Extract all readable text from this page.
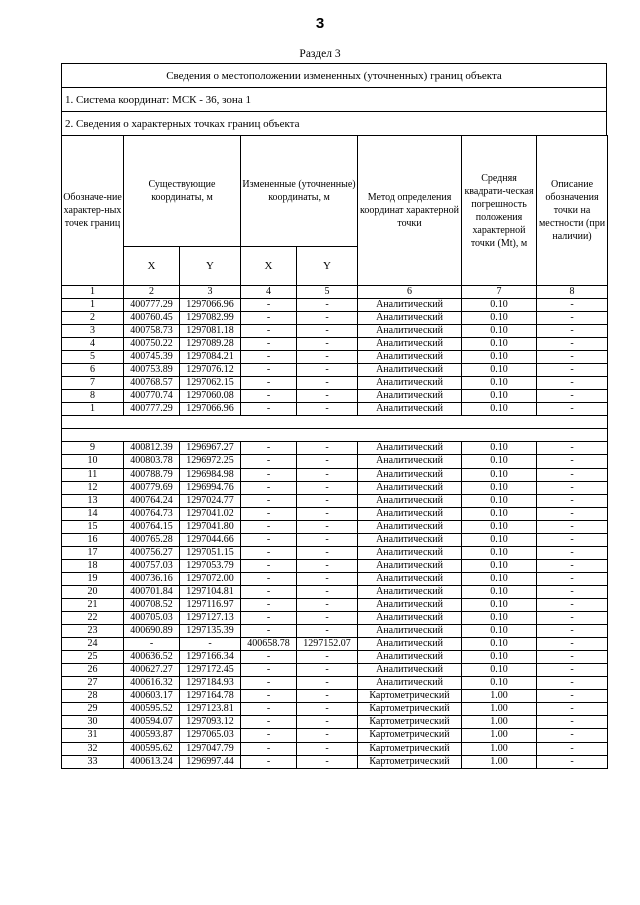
3
Раздел 3
Сведения о местоположении измененных (уточненных) границ объекта
1. Система координат: МСК - 36, зона 1
2. Сведения о характерных точках границ объекта
Обозначе-ние характер-ных точек границ	Существующие координаты, м		Измененные (уточненные) координаты, м		Метод определения координат характерной точки	Средняя квадрати-ческая погрешность положения характерной точки (Mt), м	Описание обозначения точки на местности (при наличии)
	X	Y	X	Y			
1	2	3	4	5	6	7	8
1	400777.29	1297066.96	-	-	Аналитический	0.10	-
2	400760.45	1297082.99	-	-	Аналитический	0.10	-
3	400758.73	1297081.18	-	-	Аналитический	0.10	-
4	400750.22	1297089.28	-	-	Аналитический	0.10	-
5	400745.39	1297084.21	-	-	Аналитический	0.10	-
6	400753.89	1297076.12	-	-	Аналитический	0.10	-
7	400768.57	1297062.15	-	-	Аналитический	0.10	-
8	400770.74	1297060.08	-	-	Аналитический	0.10	-
1	400777.29	1297066.96	-	-	Аналитический	0.10	-

9	400812.39	1296967.27	-	-	Аналитический	0.10	-
10	400803.78	1296972.25	-	-	Аналитический	0.10	-
11	400788.79	1296984.98	-	-	Аналитический	0.10	-
12	400779.69	1296994.76	-	-	Аналитический	0.10	-
13	400764.24	1297024.77	-	-	Аналитический	0.10	-
14	400764.73	1297041.02	-	-	Аналитический	0.10	-
15	400764.15	1297041.80	-	-	Аналитический	0.10	-
16	400765.28	1297044.66	-	-	Аналитический	0.10	-
17	400756.27	1297051.15	-	-	Аналитический	0.10	-
18	400757.03	1297053.79	-	-	Аналитический	0.10	-
19	400736.16	1297072.00	-	-	Аналитический	0.10	-
20	400701.84	1297104.81	-	-	Аналитический	0.10	-
21	400708.52	1297116.97	-	-	Аналитический	0.10	-
22	400705.03	1297127.13	-	-	Аналитический	0.10	-
23	400690.89	1297135.39	-	-	Аналитический	0.10	-
24	-	-	400658.78	1297152.07	Аналитический	0.10	-
25	400636.52	1297166.34	-	-	Аналитический	0.10	-
26	400627.27	1297172.45	-	-	Аналитический	0.10	-
27	400616.32	1297184.93	-	-	Аналитический	0.10	-
28	400603.17	1297164.78	-	-	Картометрический	1.00	-
29	400595.52	1297123.81	-	-	Картометрический	1.00	-
30	400594.07	1297093.12	-	-	Картометрический	1.00	-
31	400593.87	1297065.03	-	-	Картометрический	1.00	-
32	400595.62	1297047.79	-	-	Картометрический	1.00	-
33	400613.24	1296997.44	-	-	Картометрический	1.00	-
